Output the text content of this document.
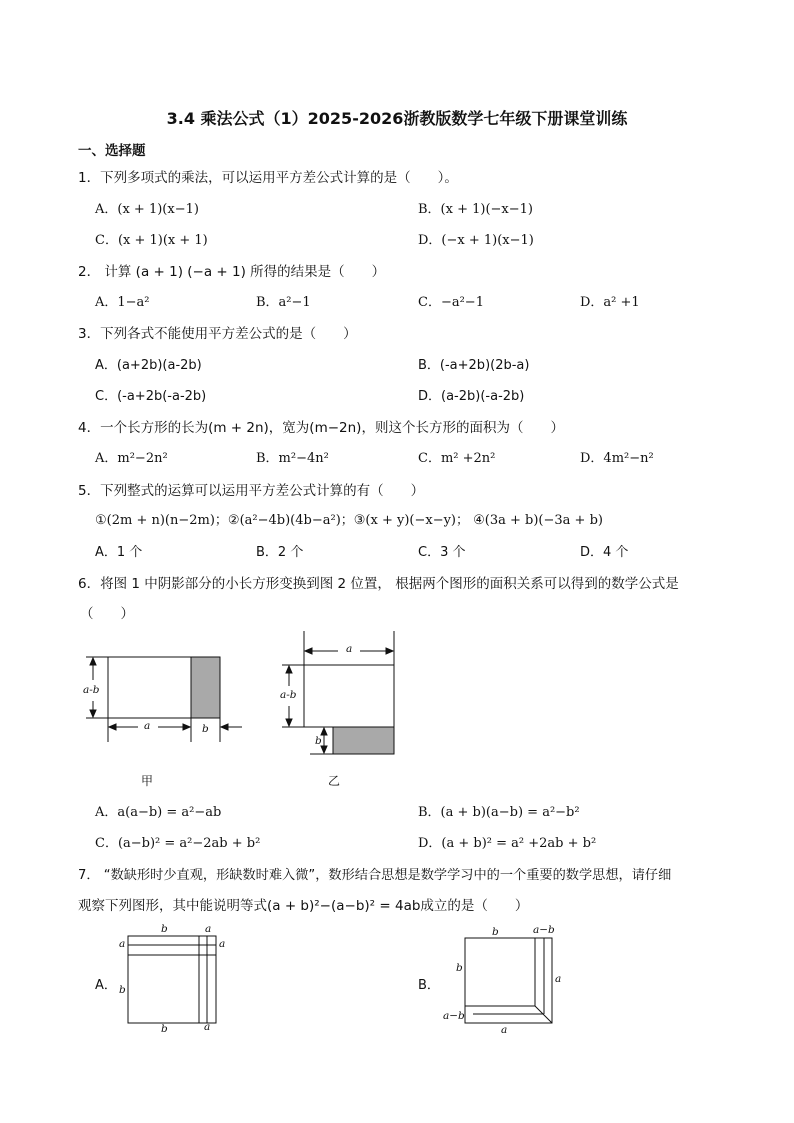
3.4 乘法公式（1）2025-2026浙教版数学七年级下册课堂训练
一、选择题
1．下列多项式的乘法，可以运用平方差公式计算的是（　　）。
A．(x + 1)(x−1)	B．(x + 1)(−x−1)
C．(x + 1)(x + 1)	D．(−x + 1)(x−1)
2． 计算 (a + 1) (−a + 1) 所得的结果是（　　）
A．1−a²	B．a²−1	C．−a²−1	D．a² +1
3．下列各式不能使用平方差公式的是（　　）
A．(a+2b)(a-2b)	B．(-a+2b)(2b-a)
C．(-a+2b(-a-2b)	D．(a-2b)(-a-2b)
4．一个长方形的长为(m + 2n)，宽为(m−2n)，则这个长方形的面积为（　　）
A．m²−2n²	B．m²−4n²	C．m² +2n²	D．4m²−n²
5．下列整式的运算可以运用平方差公式计算的有（　　）
①(2m + n)(n−2m)；②(a²−4b)(4b−a²)；③(x + y)(−x−y)； ④(3a + b)(−3a + b)
A．1 个	B．2 个	C．3 个	D．4 个
6．将图 1 中阴影部分的小长方形变换到图 2 位置， 根据两个图形的面积关系可以得到的数学公式是
（　　）
a-b
a	b
甲
a
a-b
b
乙
A．a(a−b) = a²−ab	B．(a + b)(a−b) = a²−b²
C．(a−b)² = a²−2ab + b²	D．(a + b)² = a² +2ab + b²
7． “数缺形时少直观，形缺数时难入微”，数形结合思想是数学学习中的一个重要的数学思想，请仔细
观察下列图形，其中能说明等式(a + b)²−(a−b)² = 4ab成立的是（　　）
A．
b	a
a	a
b
b	a
B．
b	a−b
b
a
a−b
a
